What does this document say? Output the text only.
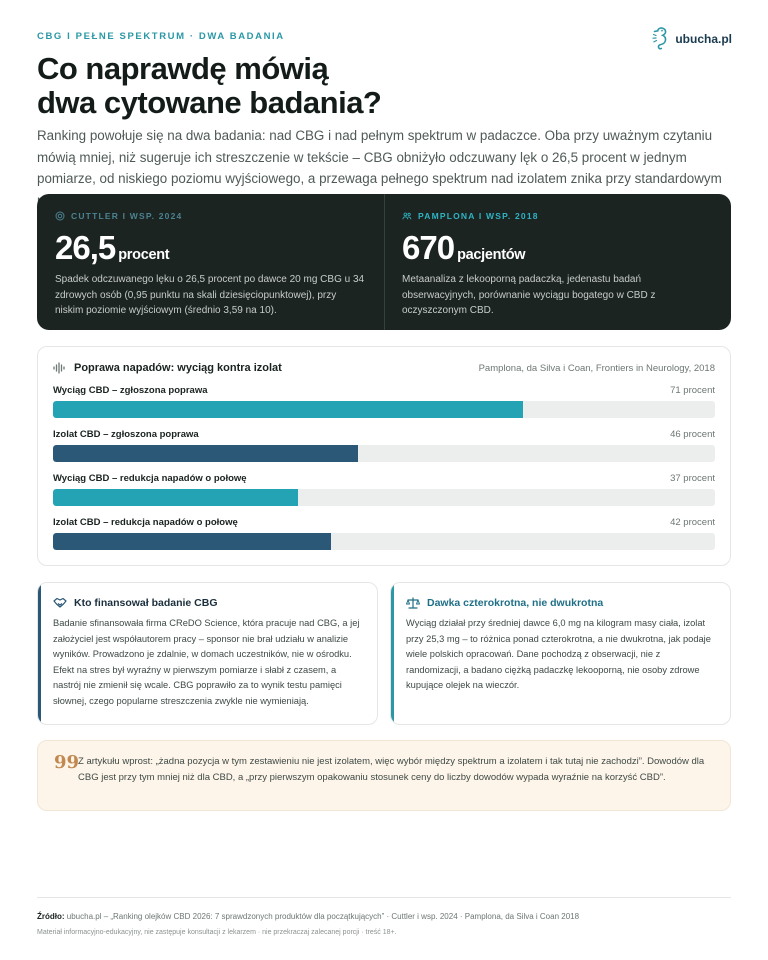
CBG I PEŁNE SPEKTRUM · DWA BADANIA	ubucha.pl
Co naprawdę mówią
dwa cytowane badania?

Ranking powołuje się na dwa badania: nad CBG i nad pełnym spektrum w padaczce. Oba przy uważnym czytaniu mówią mniej, niż sugeruje ich streszczenie w tekście – CBG obniżyło odczuwany lęk o 26,5 procent w jednym pomiarze, od niskiego poziomu wyjściowego, a przewaga pełnego spektrum nad izolatem znika przy standardowym

CUTTLER I WSP. 2024
26,5 procent

Spadek odczuwanego lęku o 26,5 procent po dawce 20 mg CBG u 34 zdrowych osób (0,95 punktu na skali dziesięciopunktowej), przy niskim poziomie wyjściowym (średnio 3,59 na 10).

PAMPLONA I WSP. 2018
670 pacjentów

Metaanaliza z lekooporną padaczką, jedenastu badań obserwacyjnych, porównanie wyciągu bogatego w CBD z oczyszczonym CBD.

Poprawa napadów: wyciąg kontra izolat	Pamplona, da Silva i Coan, Frontiers in Neurology, 2018
Wyciąg CBD – zgłoszona poprawa	71 procent
Izolat CBD – zgłoszona poprawa	46 procent
Wyciąg CBD – redukcja napadów o połowę	37 procent
Izolat CBD – redukcja napadów o połowę	42 procent
Kto finansował badanie CBG

Badanie sfinansowała firma CReDO Science, która pracuje nad CBG, a jej założyciel jest współautorem pracy – sponsor nie brał udziału w analizie wyników. Prowadzono je zdalnie, w domach uczestników, nie w ośrodku. Efekt na stres był wyraźny w pierwszym pomiarze i słabł z czasem, a nastrój nie zmienił się wcale. CBG poprawiło za to wynik testu pamięci słownej, czego popularne streszczenia zwykle nie wymieniają.

Dawka czterokrotna, nie dwukrotna

Wyciąg działał przy średniej dawce 6,0 mg na kilogram masy ciała, izolat przy 25,3 mg – to różnica ponad czterokrotna, a nie dwukrotna, jak podaje wiele polskich opracowań. Dane pochodzą z obserwacji, nie z randomizacji, a badano ciężką padaczkę lekooporną, nie osoby zdrowe kupujące olejek na wieczór.

99

Z artykułu wprost: „żadna pozycja w tym zestawieniu nie jest izolatem, więc wybór między spektrum a izolatem i tak tutaj nie zachodzi”. Dowodów dla CBG jest przy tym mniej niż dla CBD, a „przy pierwszym opakowaniu stosunek ceny do liczby dowodów wypada wyraźnie na korzyść CBD”.

Źródło: ubucha.pl – „Ranking olejków CBD 2026: 7 sprawdzonych produktów dla początkujących” · Cuttler i wsp. 2024 · Pamplona, da Silva i Coan 2018

Materiał informacyjno-edukacyjny, nie zastępuje konsultacji z lekarzem · nie przekraczaj zalecanej porcji · treść 18+.
